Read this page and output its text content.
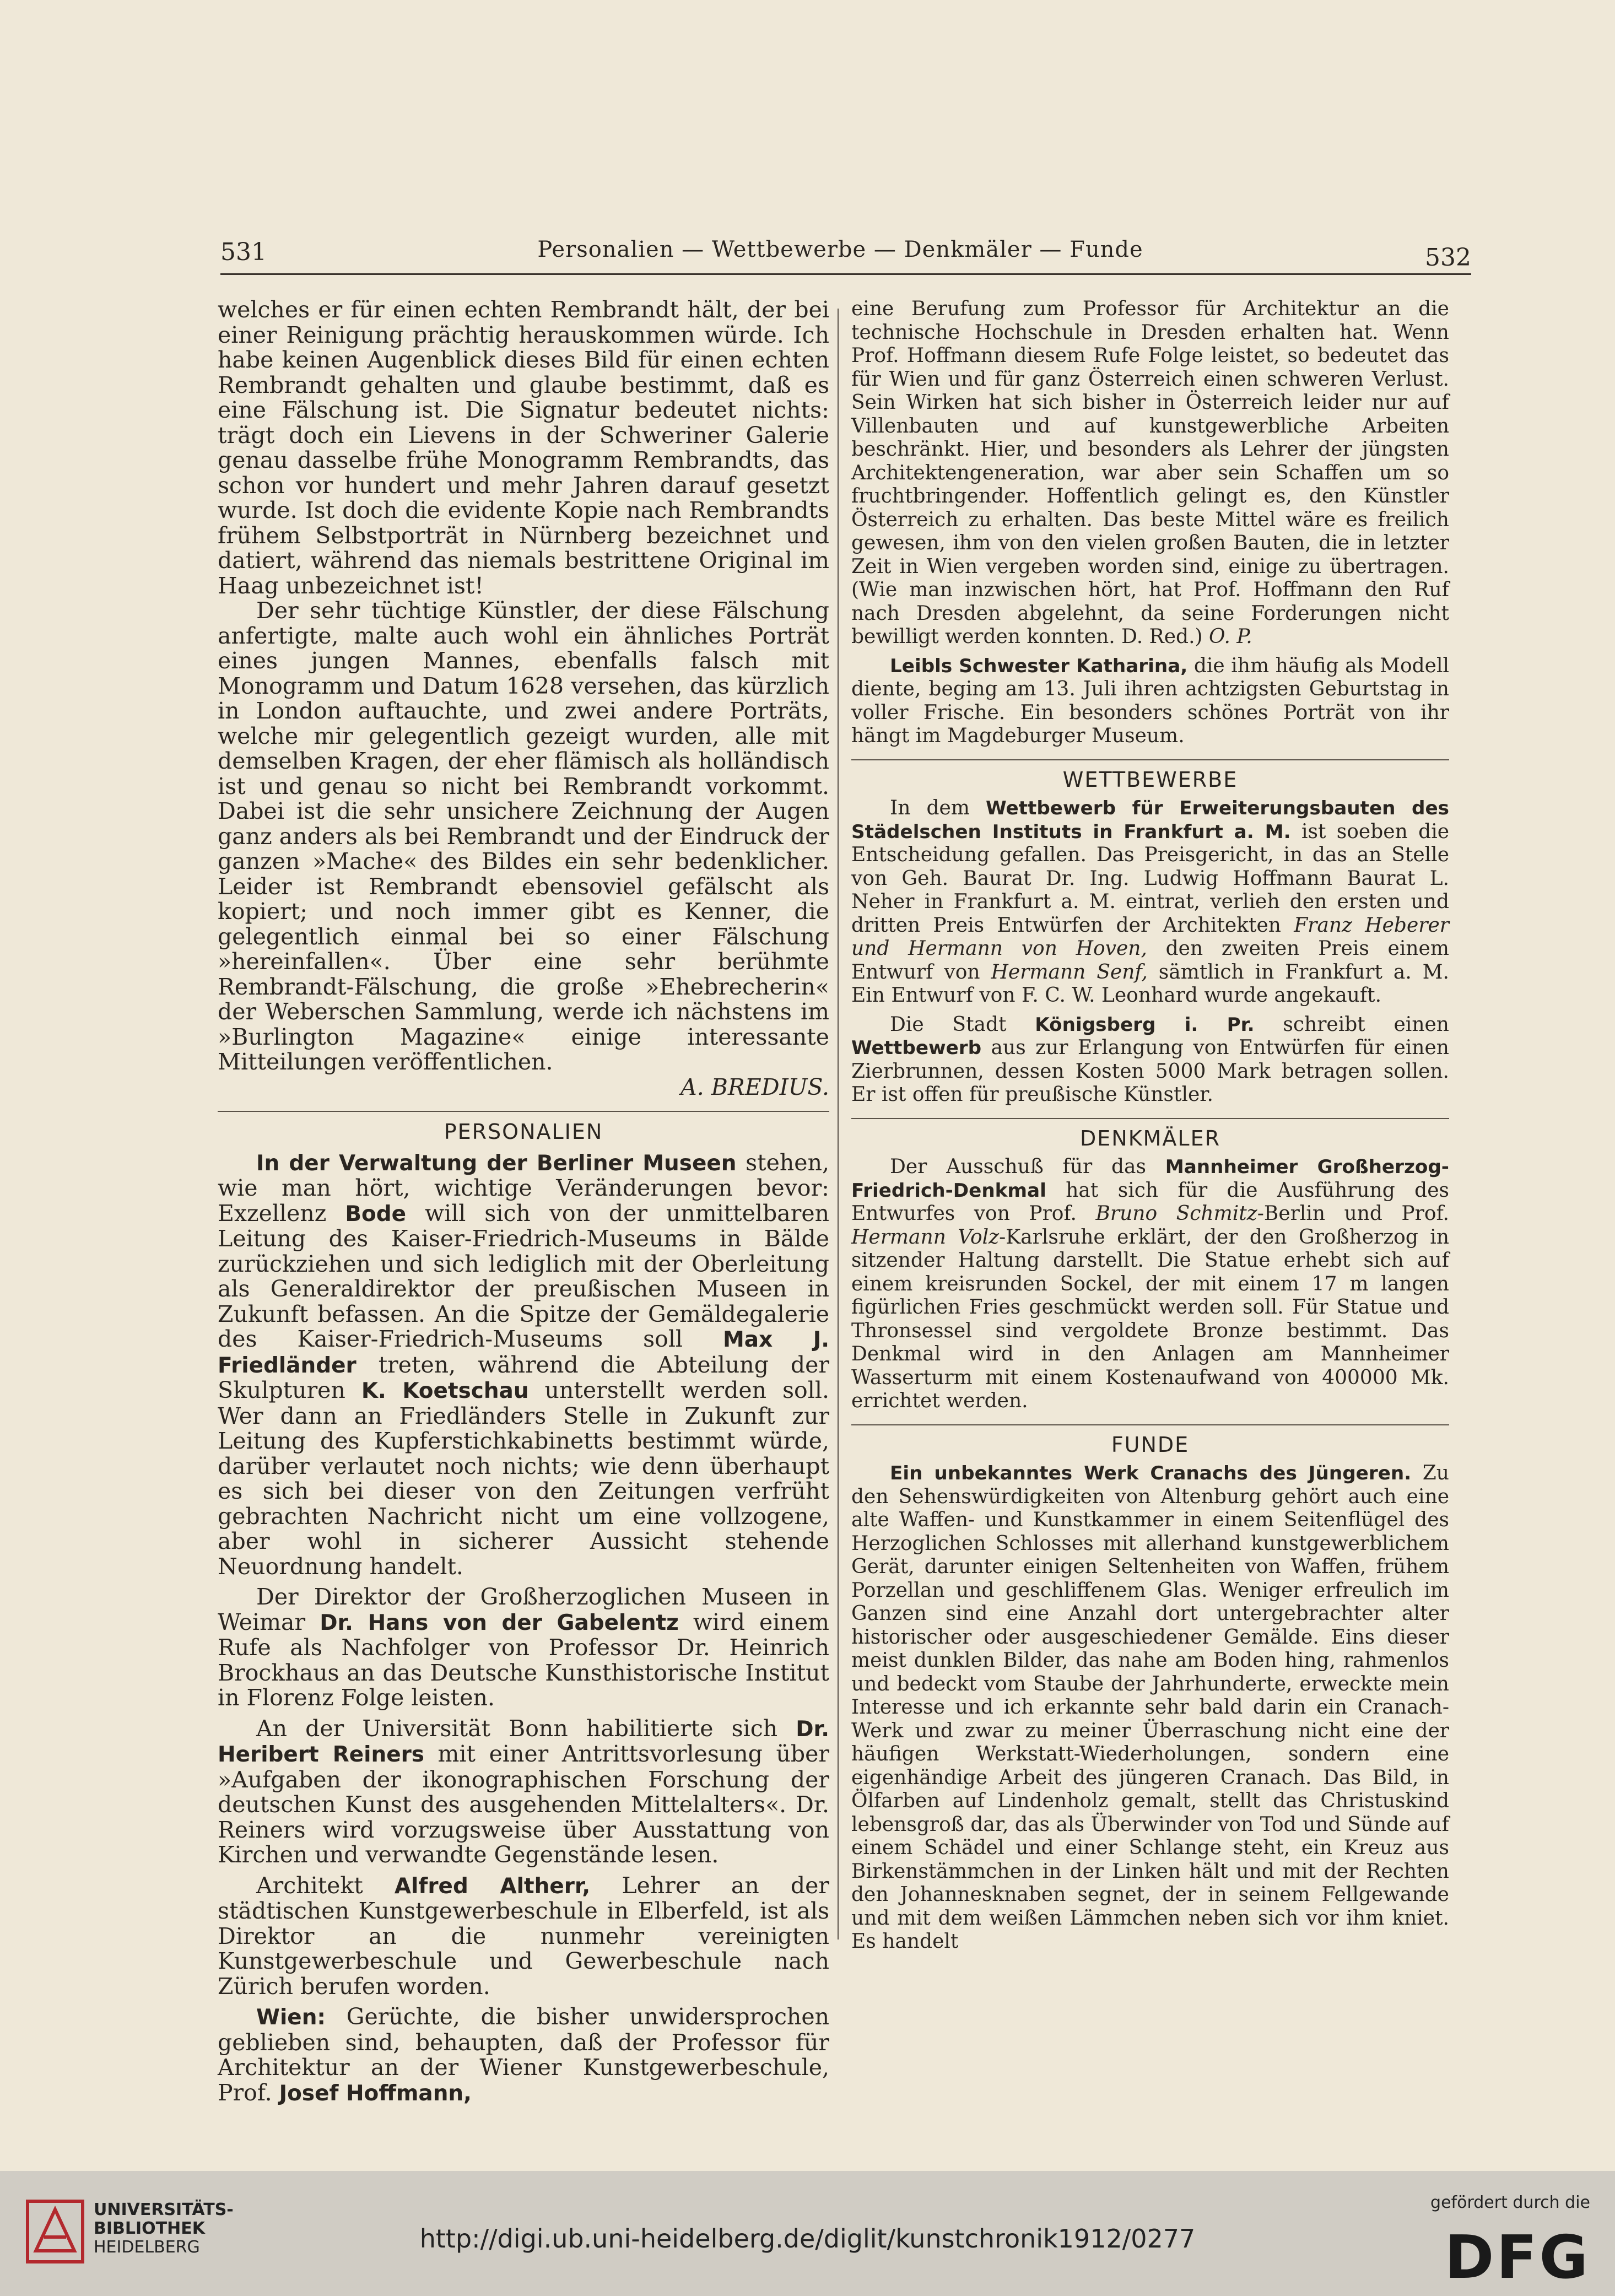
531	Personalien — Wettbewerbe — Denkmäler — Funde	532

welches er für einen echten Rembrandt hält, der bei einer Reinigung prächtig herauskommen würde. Ich habe keinen Augenblick dieses Bild für einen echten Rembrandt gehalten und glaube bestimmt, daß es eine Fälschung ist. Die Signatur bedeutet nichts: trägt doch ein Lievens in der Schweriner Galerie genau dasselbe frühe Monogramm Rembrandts, das schon vor hundert und mehr Jahren darauf gesetzt wurde. Ist doch die evidente Kopie nach Rembrandts frühem Selbstporträt in Nürnberg bezeichnet und datiert, während das niemals bestrittene Original im Haag unbezeichnet ist!

Der sehr tüchtige Künstler, der diese Fälschung anfertigte, malte auch wohl ein ähnliches Porträt eines jungen Mannes, ebenfalls falsch mit Monogramm und Datum 1628 versehen, das kürzlich in London auftauchte, und zwei andere Porträts, welche mir gelegentlich gezeigt wurden, alle mit demselben Kragen, der eher flämisch als holländisch ist und genau so nicht bei Rembrandt vorkommt. Dabei ist die sehr unsichere Zeichnung der Augen ganz anders als bei Rembrandt und der Eindruck der ganzen »Mache« des Bildes ein sehr bedenklicher. Leider ist Rembrandt ebensoviel gefälscht als kopiert; und noch immer gibt es Kenner, die gelegentlich einmal bei so einer Fälschung »hereinfallen«. Über eine sehr berühmte Rembrandt-Fälschung, die große »Ehebrecherin« der Weberschen Sammlung, werde ich nächstens im »Burlington Magazine« einige interessante Mitteilungen veröffentlichen.
A. BREDIUS.

PERSONALIEN

In der Verwaltung der Berliner Museen stehen, wie man hört, wichtige Veränderungen bevor: Exzellenz Bode will sich von der unmittelbaren Leitung des Kaiser-Friedrich-Museums in Bälde zurückziehen und sich lediglich mit der Oberleitung als Generaldirektor der preußischen Museen in Zukunft befassen. An die Spitze der Gemäldegalerie des Kaiser-Friedrich-Museums soll Max J. Friedländer treten, während die Abteilung der Skulpturen K. Koetschau unterstellt werden soll. Wer dann an Friedländers Stelle in Zukunft zur Leitung des Kupferstichkabinetts bestimmt würde, darüber verlautet noch nichts; wie denn überhaupt es sich bei dieser von den Zeitungen verfrüht gebrachten Nachricht nicht um eine vollzogene, aber wohl in sicherer Aussicht stehende Neuordnung handelt.

Der Direktor der Großherzoglichen Museen in Weimar Dr. Hans von der Gabelentz wird einem Rufe als Nachfolger von Professor Dr. Heinrich Brockhaus an das Deutsche Kunsthistorische Institut in Florenz Folge leisten.

An der Universität Bonn habilitierte sich Dr. Heribert Reiners mit einer Antrittsvorlesung über »Aufgaben der ikonographischen Forschung der deutschen Kunst des ausgehenden Mittelalters«. Dr. Reiners wird vorzugsweise über Ausstattung von Kirchen und verwandte Gegenstände lesen.

Architekt Alfred Altherr, Lehrer an der städtischen Kunstgewerbeschule in Elberfeld, ist als Direktor an die nunmehr vereinigten Kunstgewerbeschule und Gewerbeschule nach Zürich berufen worden.

Wien: Gerüchte, die bisher unwidersprochen geblieben sind, behaupten, daß der Professor für Architektur an der Wiener Kunstgewerbeschule, Prof. Josef Hoffmann,

eine Berufung zum Professor für Architektur an die technische Hochschule in Dresden erhalten hat. Wenn Prof. Hoffmann diesem Rufe Folge leistet, so bedeutet das für Wien und für ganz Österreich einen schweren Verlust. Sein Wirken hat sich bisher in Österreich leider nur auf Villenbauten und auf kunstgewerbliche Arbeiten beschränkt. Hier, und besonders als Lehrer der jüngsten Architektengeneration, war aber sein Schaffen um so fruchtbringender. Hoffentlich gelingt es, den Künstler Österreich zu erhalten. Das beste Mittel wäre es freilich gewesen, ihm von den vielen großen Bauten, die in letzter Zeit in Wien vergeben worden sind, einige zu übertragen. (Wie man inzwischen hört, hat Prof. Hoffmann den Ruf nach Dresden abgelehnt, da seine Forderungen nicht bewilligt werden konnten. D. Red.) O. P.

Leibls Schwester Katharina, die ihm häufig als Modell diente, beging am 13. Juli ihren achtzigsten Geburtstag in voller Frische. Ein besonders schönes Porträt von ihr hängt im Magdeburger Museum.

WETTBEWERBE

In dem Wettbewerb für Erweiterungsbauten des Städelschen Instituts in Frankfurt a. M. ist soeben die Entscheidung gefallen. Das Preisgericht, in das an Stelle von Geh. Baurat Dr. Ing. Ludwig Hoffmann Baurat L. Neher in Frankfurt a. M. eintrat, verlieh den ersten und dritten Preis Entwürfen der Architekten Franz Heberer und Hermann von Hoven, den zweiten Preis einem Entwurf von Hermann Senf, sämtlich in Frankfurt a. M. Ein Entwurf von F. C. W. Leonhard wurde angekauft.

Die Stadt Königsberg i. Pr. schreibt einen Wettbewerb aus zur Erlangung von Entwürfen für einen Zierbrunnen, dessen Kosten 5000 Mark betragen sollen. Er ist offen für preußische Künstler.

DENKMÄLER

Der Ausschuß für das Mannheimer Großherzog-Friedrich-Denkmal hat sich für die Ausführung des Entwurfes von Prof. Bruno Schmitz-Berlin und Prof. Hermann Volz-Karlsruhe erklärt, der den Großherzog in sitzender Haltung darstellt. Die Statue erhebt sich auf einem kreisrunden Sockel, der mit einem 17 m langen figürlichen Fries geschmückt werden soll. Für Statue und Thronsessel sind vergoldete Bronze bestimmt. Das Denkmal wird in den Anlagen am Mannheimer Wasserturm mit einem Kostenaufwand von 400000 Mk. errichtet werden.

FUNDE

Ein unbekanntes Werk Cranachs des Jüngeren. Zu den Sehenswürdigkeiten von Altenburg gehört auch eine alte Waffen- und Kunstkammer in einem Seitenflügel des Herzoglichen Schlosses mit allerhand kunstgewerblichem Gerät, darunter einigen Seltenheiten von Waffen, frühem Porzellan und geschliffenem Glas. Weniger erfreulich im Ganzen sind eine Anzahl dort untergebrachter alter historischer oder ausgeschiedener Gemälde. Eins dieser meist dunklen Bilder, das nahe am Boden hing, rahmenlos und bedeckt vom Staube der Jahrhunderte, erweckte mein Interesse und ich erkannte sehr bald darin ein Cranach-Werk und zwar zu meiner Überraschung nicht eine der häufigen Werkstatt-Wiederholungen, sondern eine eigenhändige Arbeit des jüngeren Cranach. Das Bild, in Ölfarben auf Lindenholz gemalt, stellt das Christuskind lebensgroß dar, das als Überwinder von Tod und Sünde auf einem Schädel und einer Schlange steht, ein Kreuz aus Birkenstämmchen in der Linken hält und mit der Rechten den Johannesknaben segnet, der in seinem Fellgewande und mit dem weißen Lämmchen neben sich vor ihm kniet. Es handelt

UNIVERSITÄTS-
BIBLIOTHEK
HEIDELBERG	http://digi.ub.uni-heidelberg.de/diglit/kunstchronik1912/0277
gefördert durch die
DFG
